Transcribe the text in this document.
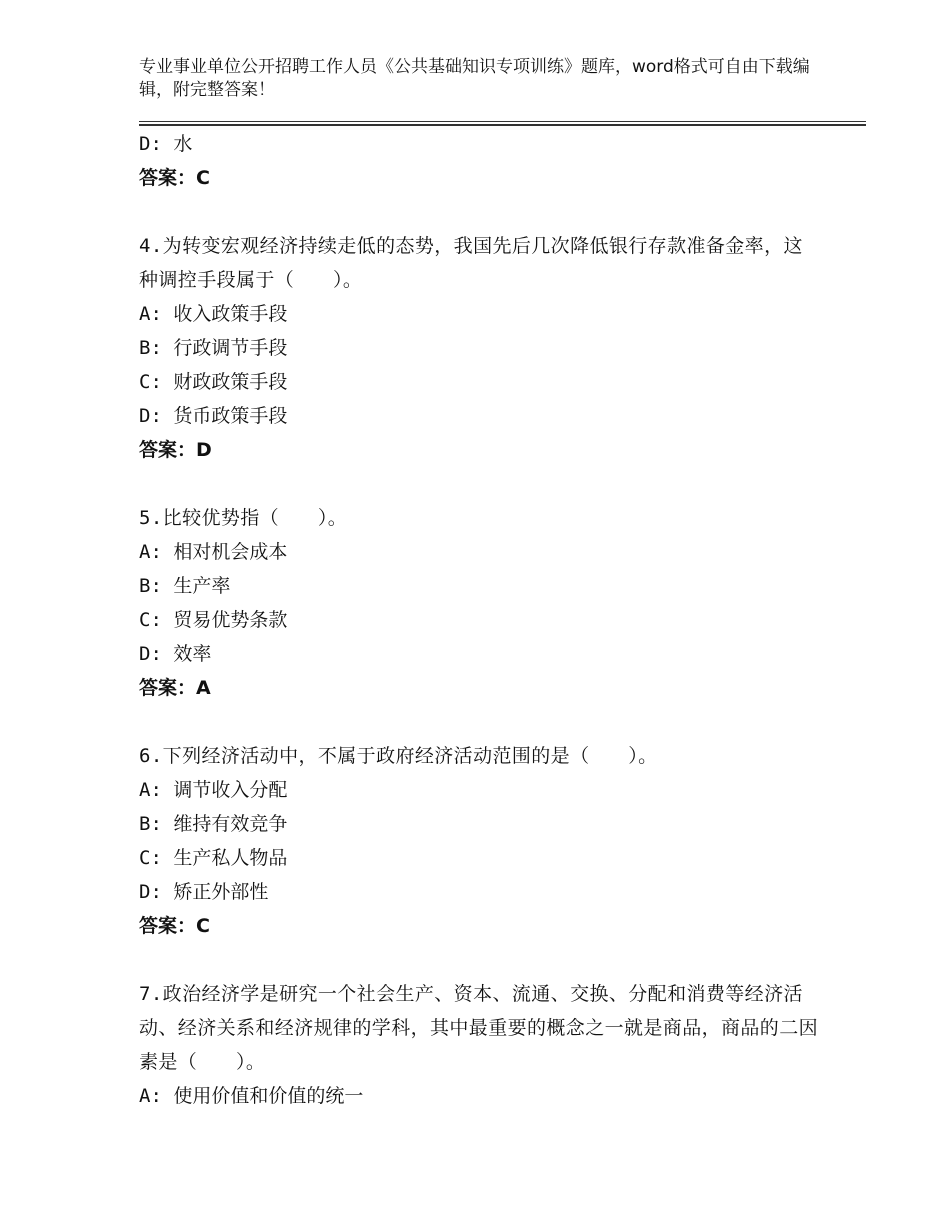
专业事业单位公开招聘工作人员《公共基础知识专项训练》题库，word格式可自由下载编辑，附完整答案！
D: 水
答案：C
4.为转变宏观经济持续走低的态势，我国先后几次降低银行存款准备金率，这种调控手段属于（　　）。
A: 收入政策手段
B: 行政调节手段
C: 财政政策手段
D: 货币政策手段
答案：D
5.比较优势指（　　）。
A: 相对机会成本
B: 生产率
C: 贸易优势条款
D: 效率
答案：A
6.下列经济活动中，不属于政府经济活动范围的是（　　）。
A: 调节收入分配
B: 维持有效竞争
C: 生产私人物品
D: 矫正外部性
答案：C
7.政治经济学是研究一个社会生产、资本、流通、交换、分配和消费等经济活动、经济关系和经济规律的学科，其中最重要的概念之一就是商品，商品的二因素是（　　）。
A: 使用价值和价值的统一
